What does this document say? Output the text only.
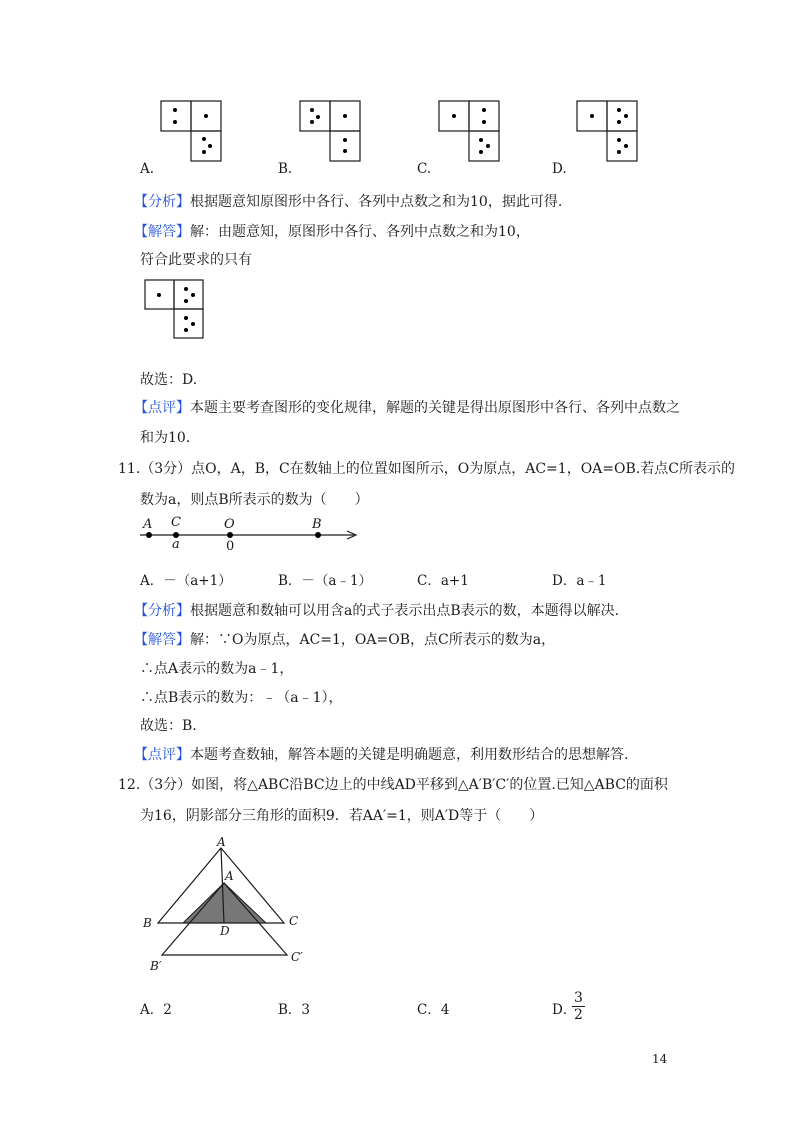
A.	B.	C.	D.
【分析】根据题意知原图形中各行、各列中点数之和为10，据此可得.
【解答】解：由题意知，原图形中各行、各列中点数之和为10，
符合此要求的只有
故选：D.
【点评】本题主要考查图形的变化规律，解题的关键是得出原图形中各行、各列中点数之
和为10.
11.（3分）点O，A，B，C在数轴上的位置如图所示，O为原点，AC=1，OA=OB.若点C所表示的
数为a，则点B所表示的数为（　　）
A C	O	B
a	0
A．－（a+1）	B．－（a﹣1）	C．a+1	D．a﹣1
【分析】根据题意和数轴可以用含a的式子表示出点B表示的数，本题得以解决.
【解答】解：∵O为原点，AC=1，OA=OB，点C所表示的数为a，
∴点A表示的数为a﹣1，
∴点B表示的数为：﹣（a﹣1），
故选：B.
【点评】本题考查数轴，解答本题的关键是明确题意，利用数形结合的思想解答.
12.（3分）如图，将△ABC沿BC边上的中线AD平移到△A′B′C′的位置.已知△ABC的面积
为16，阴影部分三角形的面积9．若AA′=1，则A′D等于（　　）
A
A
B	C
D
B′
C′
A．2	B．3	C．4	D．
$\frac{3}{2}$
14
